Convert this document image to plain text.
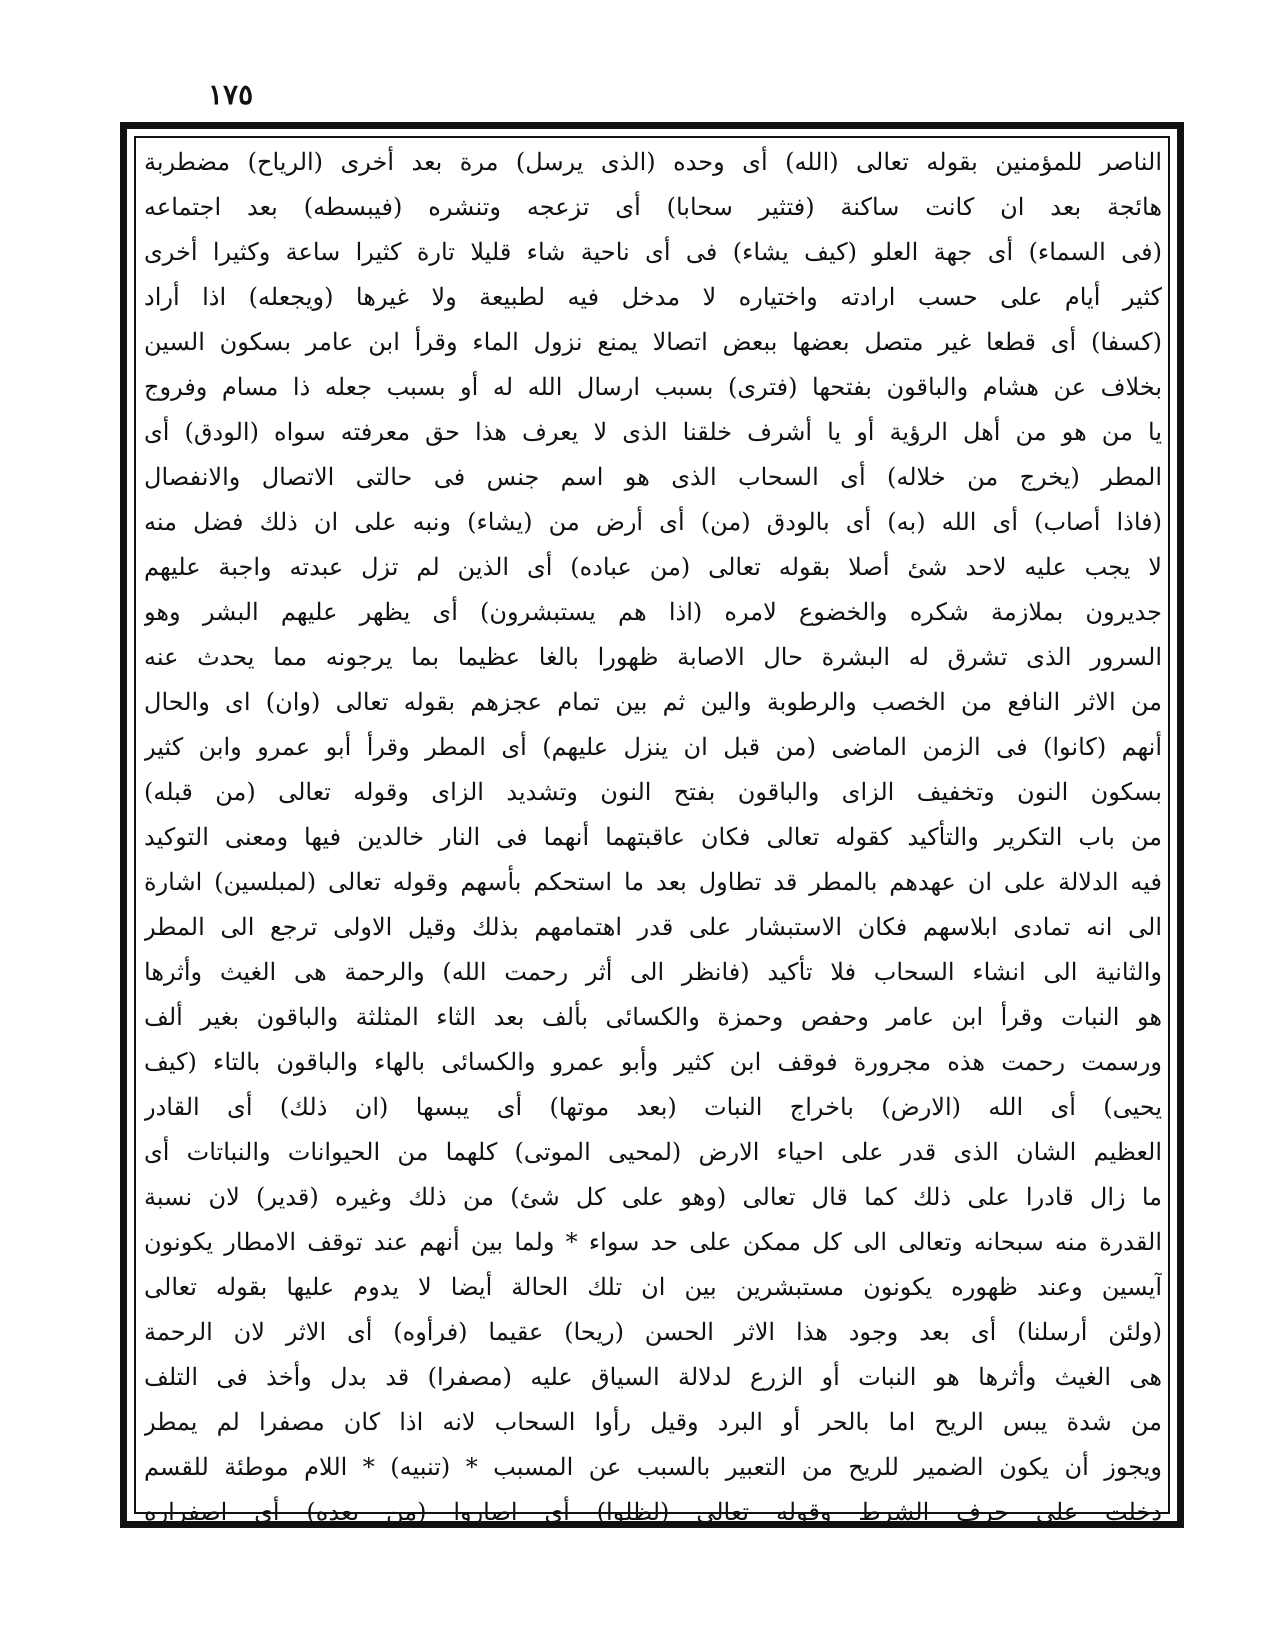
١٧٥
الناصر للمؤمنين بقوله تعالى (الله) أى وحده (الذى يرسل) مرة بعد أخرى (الرياح) مضطربة
هائجة بعد ان كانت ساكنة (فتثير سحابا) أى تزعجه وتنشره (فيبسطه) بعد اجتماعه
(فى السماء) أى جهة العلو (كيف يشاء) فى أى ناحية شاء قليلا تارة كثيرا ساعة وكثيرا أخرى
كثير أيام على حسب ارادته واختياره لا مدخل فيه لطبيعة ولا غيرها (ويجعله) اذا أراد
(كسفا) أى قطعا غير متصل بعضها ببعض اتصالا يمنع نزول الماء وقرأ ابن عامر بسكون السين
بخلاف عن هشام والباقون بفتحها (فترى) بسبب ارسال الله له أو بسبب جعله ذا مسام وفروج
يا من هو من أهل الرؤية أو يا أشرف خلقنا الذى لا يعرف هذا حق معرفته سواه (الودق) أى
المطر (يخرج من خلاله) أى السحاب الذى هو اسم جنس فى حالتى الاتصال والانفصال
(فاذا أصاب) أى الله (به) أى بالودق (من) أى أرض من (يشاء) ونبه على ان ذلك فضل منه
لا يجب عليه لاحد شئ أصلا بقوله تعالى (من عباده) أى الذين لم تزل عبدته واجبة عليهم
جديرون بملازمة شكره والخضوع لامره (اذا هم يستبشرون) أى يظهر عليهم البشر وهو
السرور الذى تشرق له البشرة حال الاصابة ظهورا بالغا عظيما بما يرجونه مما يحدث عنه
من الاثر النافع من الخصب والرطوبة والين ثم بين تمام عجزهم بقوله تعالى (وان) اى والحال
أنهم (كانوا) فى الزمن الماضى (من قبل ان ينزل عليهم) أى المطر وقرأ أبو عمرو وابن كثير
بسكون النون وتخفيف الزاى والباقون بفتح النون وتشديد الزاى وقوله تعالى (من قبله)
من باب التكرير والتأكيد كقوله تعالى فكان عاقبتهما أنهما فى النار خالدين فيها ومعنى التوكيد
فيه الدلالة على ان عهدهم بالمطر قد تطاول بعد ما استحكم بأسهم وقوله تعالى (لمبلسين) اشارة
الى انه تمادى ابلاسهم فكان الاستبشار على قدر اهتمامهم بذلك وقيل الاولى ترجع الى المطر
والثانية الى انشاء السحاب فلا تأكيد (فانظر الى أثر رحمت الله) والرحمة هى الغيث وأثرها
هو النبات وقرأ ابن عامر وحفص وحمزة والكسائى بألف بعد الثاء المثلثة والباقون بغير ألف
ورسمت رحمت هذه مجرورة فوقف ابن كثير وأبو عمرو والكسائى بالهاء والباقون بالتاء (كيف
يحيى) أى الله (الارض) باخراج النبات (بعد موتها) أى يبسها (ان ذلك) أى القادر
العظيم الشان الذى قدر على احياء الارض (لمحيى الموتى) كلهما من الحيوانات والنباتات أى
ما زال قادرا على ذلك كما قال تعالى (وهو على كل شئ) من ذلك وغيره (قدير) لان نسبة
القدرة منه سبحانه وتعالى الى كل ممكن على حد سواء * ولما بين أنهم عند توقف الامطار يكونون
آيسين وعند ظهوره يكونون مستبشرين بين ان تلك الحالة أيضا لا يدوم عليها بقوله تعالى
(ولئن أرسلنا) أى بعد وجود هذا الاثر الحسن (ريحا) عقيما (فرأوه) أى الاثر لان الرحمة
هى الغيث وأثرها هو النبات أو الزرع لدلالة السياق عليه (مصفرا) قد بدل وأخذ فى التلف
من شدة يبس الريح اما بالحر أو البرد وقيل رأوا السحاب لانه اذا كان مصفرا لم يمطر
ويجوز أن يكون الضمير للريح من التعبير بالسبب عن المسبب * (تنبيه) * اللام موطئة للقسم
دخلت على حرف الشرط وقوله تعالى (لظلوا) أى اصاروا (من بعده) أى اصفراره
